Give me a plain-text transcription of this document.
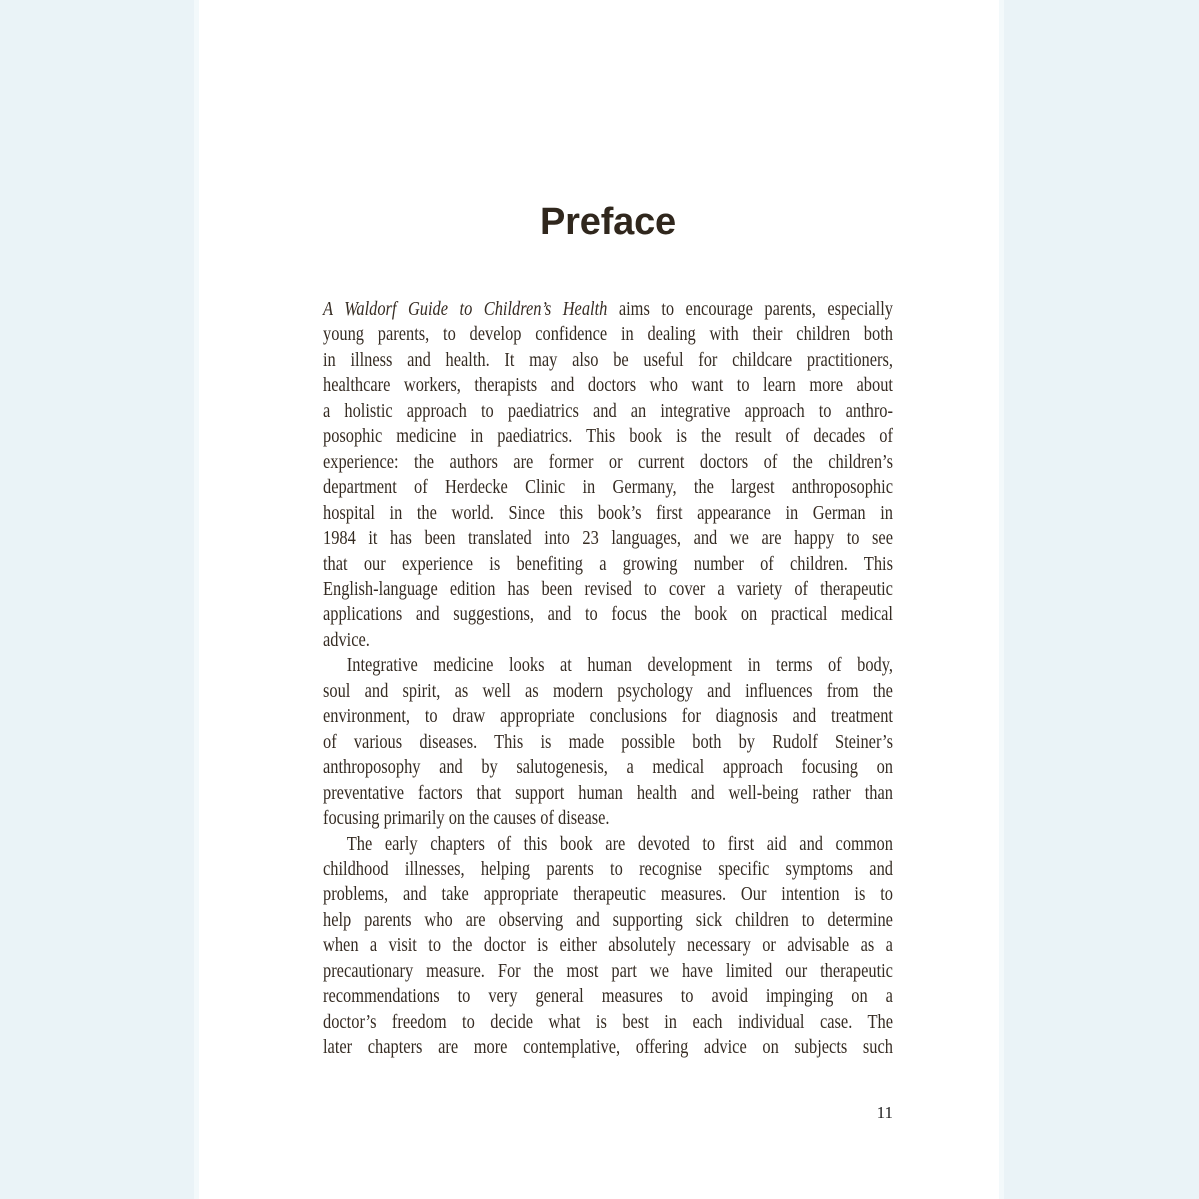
Preface
A Waldorf Guide to Children’s Health aims to encourage parents, especially
young parents, to develop confidence in dealing with their children both
in illness and health. It may also be useful for childcare practitioners,
healthcare workers, therapists and doctors who want to learn more about
a holistic approach to paediatrics and an integrative approach to anthro-
posophic medicine in paediatrics. This book is the result of decades of
experience: the authors are former or current doctors of the children’s
department of Herdecke Clinic in Germany, the largest anthroposophic
hospital in the world. Since this book’s first appearance in German in
1984 it has been translated into 23 languages, and we are happy to see
that our experience is benefiting a growing number of children. This
English-language edition has been revised to cover a variety of therapeutic
applications and suggestions, and to focus the book on practical medical
advice.
Integrative medicine looks at human development in terms of body,
soul and spirit, as well as modern psychology and influences from the
environment, to draw appropriate conclusions for diagnosis and treatment
of various diseases. This is made possible both by Rudolf Steiner’s
anthroposophy and by salutogenesis, a medical approach focusing on
preventative factors that support human health and well-being rather than
focusing primarily on the causes of disease.
The early chapters of this book are devoted to first aid and common
childhood illnesses, helping parents to recognise specific symptoms and
problems, and take appropriate therapeutic measures. Our intention is to
help parents who are observing and supporting sick children to determine
when a visit to the doctor is either absolutely necessary or advisable as a
precautionary measure. For the most part we have limited our therapeutic
recommendations to very general measures to avoid impinging on a
doctor’s freedom to decide what is best in each individual case. The
later chapters are more contemplative, offering advice on subjects such
11
